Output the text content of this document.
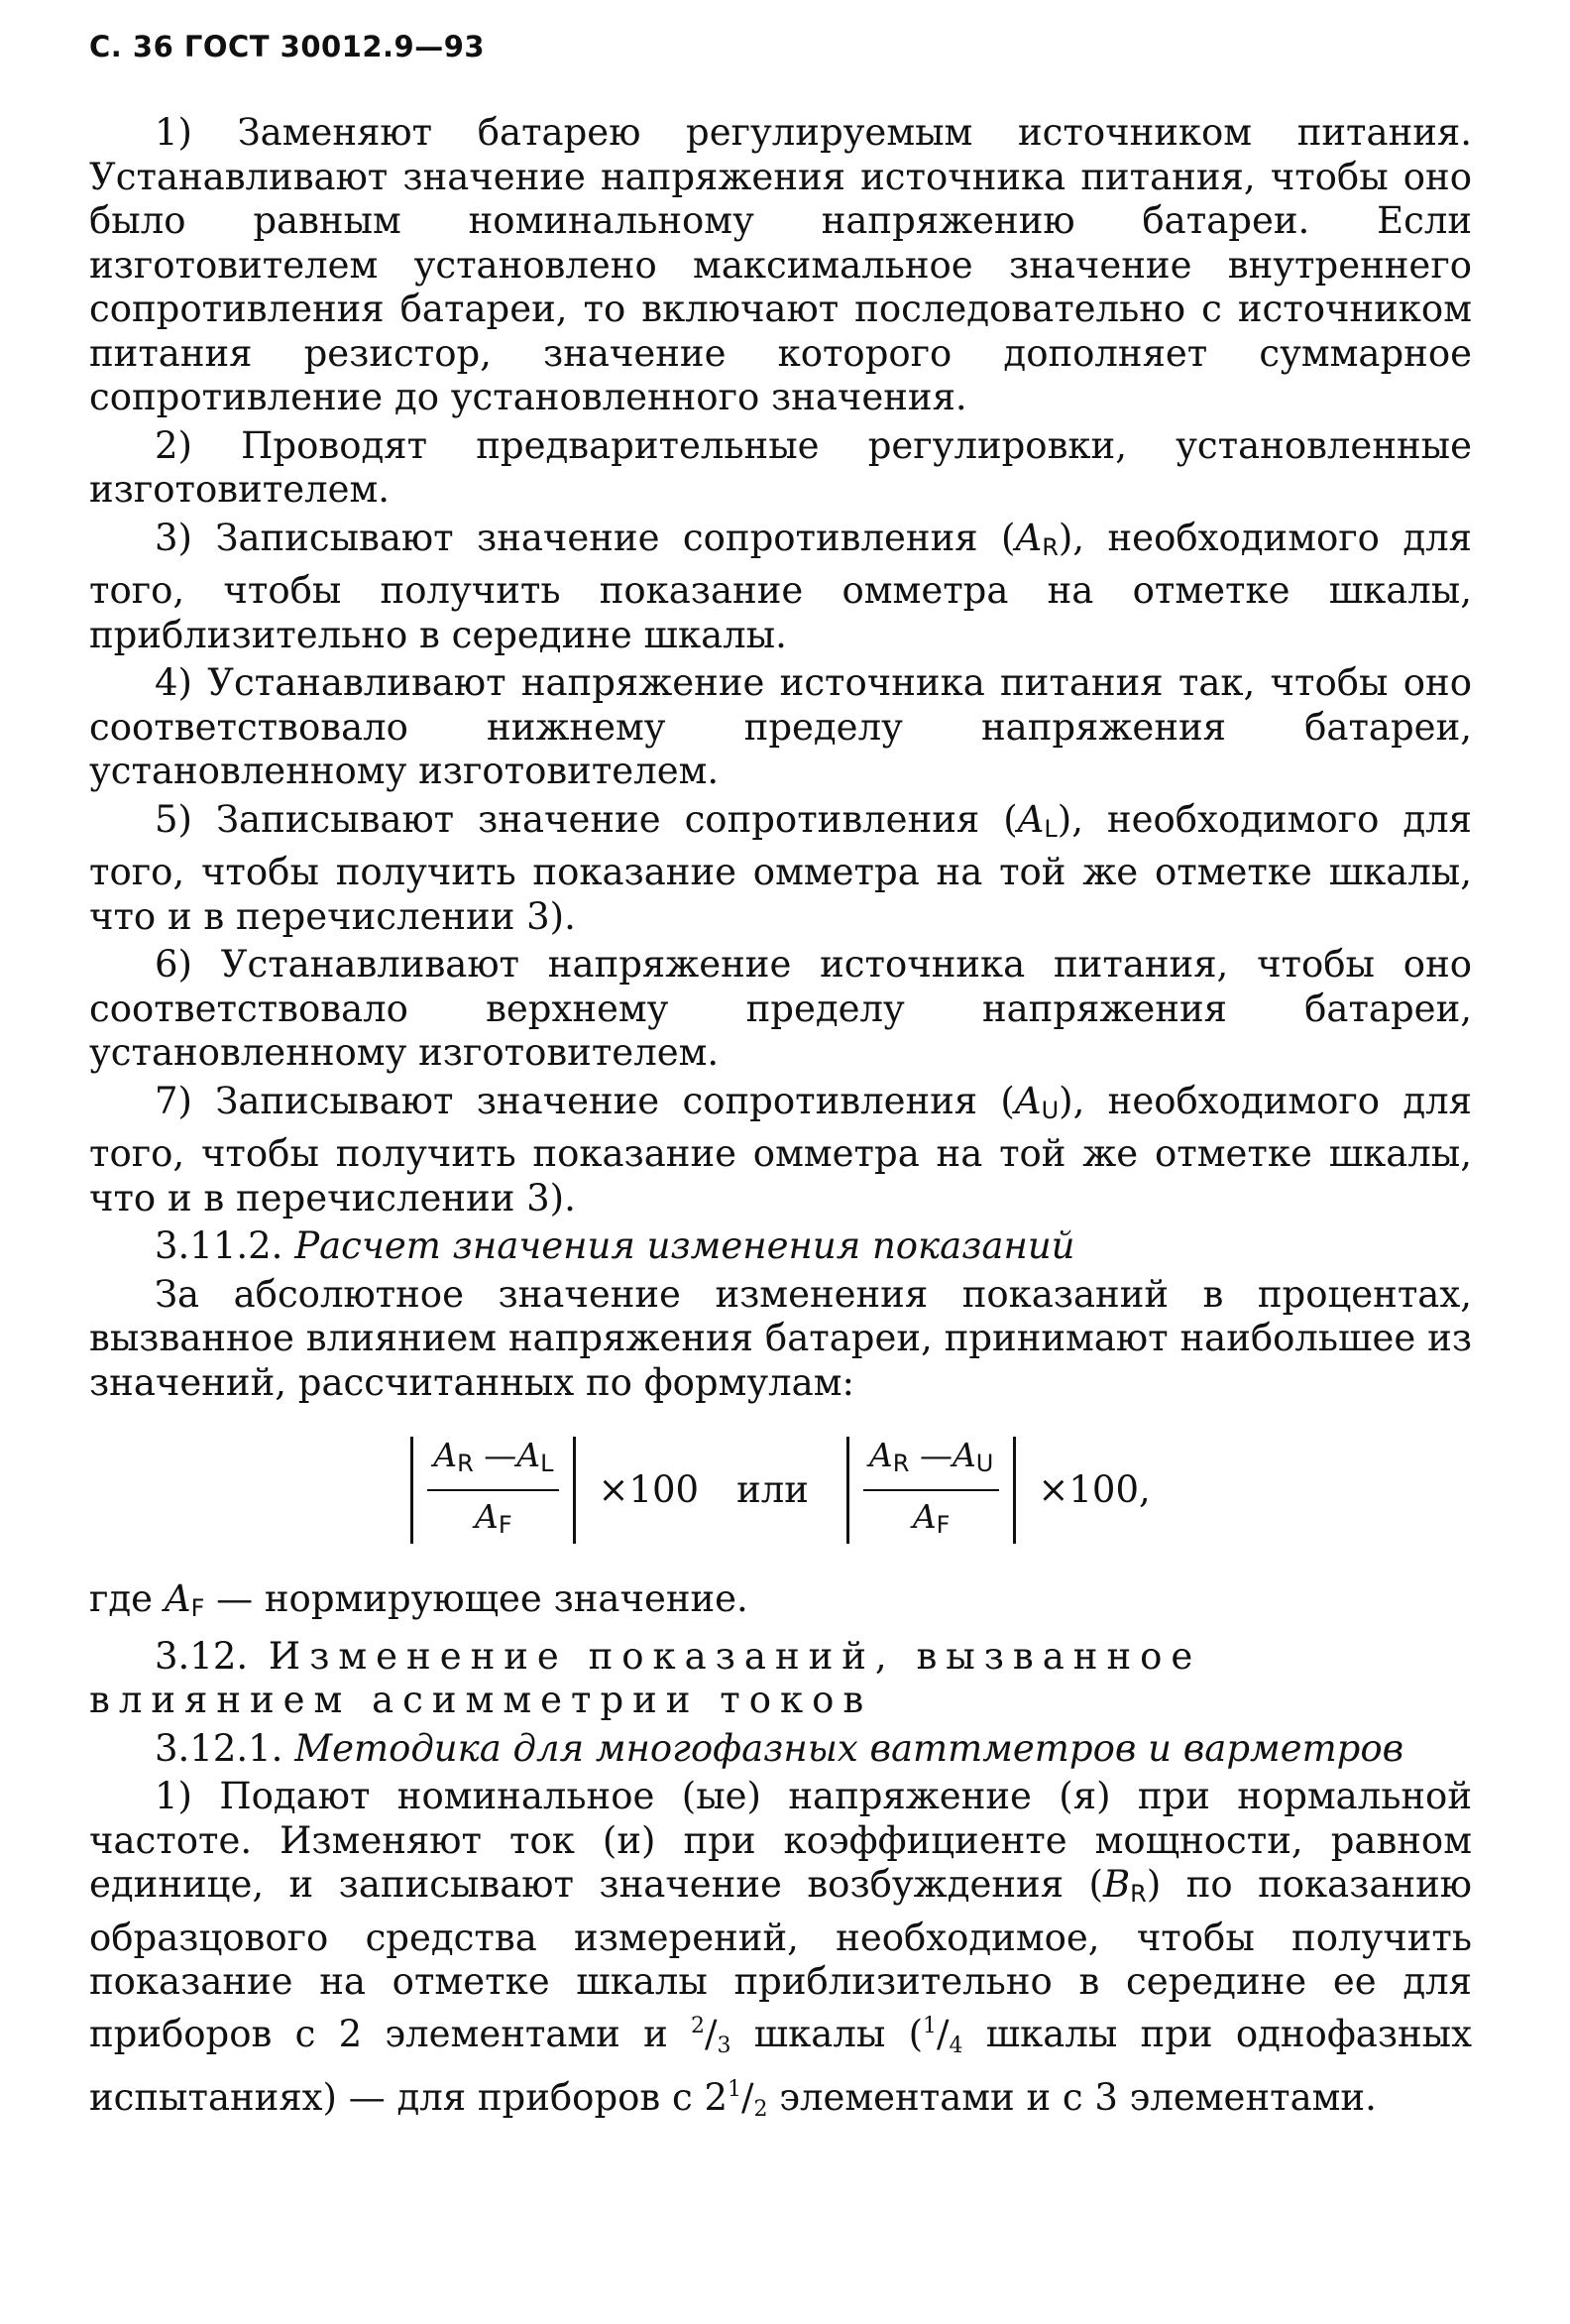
С. 36 ГОСТ 30012.9—93

1) Заменяют батарею регулируемым источником питания. Устанавливают значение напряжения источника питания, чтобы оно было равным номинальному напряжению батареи. Если изготовителем установлено максимальное значение внутреннего сопротивления батареи, то включают последовательно с источником питания резистор, значение которого дополняет суммарное сопротивление до установленного значения.

2) Проводят предварительные регулировки, установленные изготовителем.

3) Записывают значение сопротивления $(A_R)$, необходимого для того, чтобы получить показание омметра на отметке шкалы, приблизительно в середине шкалы.

4) Устанавливают напряжение источника питания так, чтобы оно соответствовало нижнему пределу напряжения батареи, установленному изготовителем.

5) Записывают значение сопротивления $(A_L)$, необходимого для того, чтобы получить показание омметра на той же отметке шкалы, что и в перечислении 3).

6) Устанавливают напряжение источника питания, чтобы оно соответствовало верхнему пределу напряжения батареи, установленному изготовителем.

7) Записывают значение сопротивления $(A_U)$, необходимого для того, чтобы получить показание омметра на той же отметке шкалы, что и в перечислении 3).

3.11.2. Расчет значения изменения показаний

За абсолютное значение изменения показаний в процентах, вызванное влиянием напряжения батареи, принимают наибольшее из значений, рассчитанных по формулам:

$\frac{A_R —A_L}{A_F} \times 100$ или $\frac{A_R —A_U}{A_F} \times 100$,

где $A_F$ — нормирующее значение.

3.12. Изменение показаний, вызванное влиянием асимметрии токов

3.12.1. Методика для многофазных ваттметров и варметров

1) Подают номинальное (ые) напряжение (я) при нормальной частоте. Изменяют ток (и) при коэффициенте мощности, равном единице, и записывают значение возбуждения $(B_R)$ по показанию образцового средства измерений, необходимое, чтобы получить показание на отметке шкалы приблизительно в середине ее для приборов с 2 элементами и $^2$/3 шкалы ($^1$/4 шкалы при однофазных испытаниях) — для приборов с $2^1/2$ элементами и с 3 элементами.
